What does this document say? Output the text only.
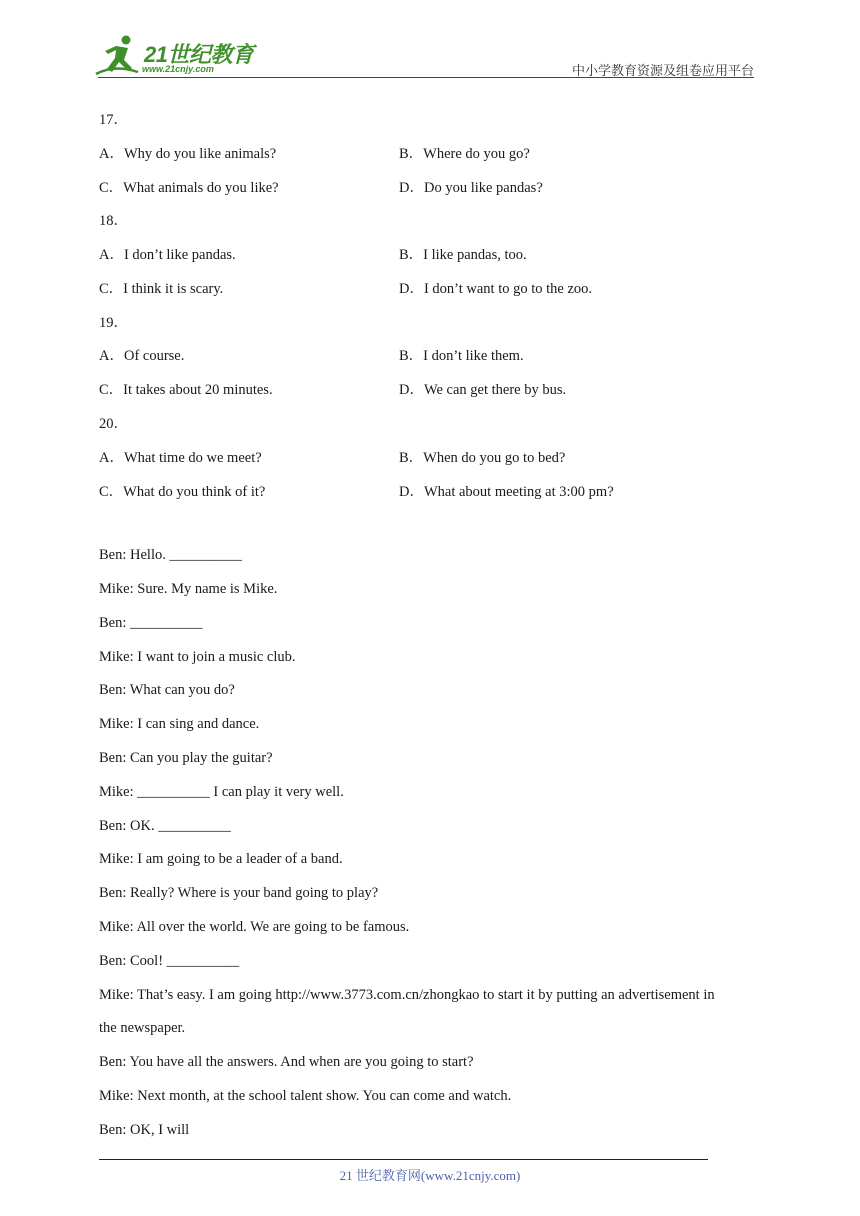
21世纪教育
www.21cnjy.com	中小学教育资源及组卷应用平台
17．
A．Why do you like animals?	B．Where do you go?
C．What animals do you like?	D．Do you like pandas?
18．
A．I don’t like pandas.	B．I like pandas, too.
C．I think it is scary.	D．I don’t want to go to the zoo.
19．
A．Of course.	B．I don’t like them.
C．It takes about 20 minutes.	D．We can get there by bus.
20．
A．What time do we meet?	B．When do you go to bed?
C．What do you think of it?	D．What about meeting at 3:00 pm?
Ben: Hello. __________
Mike: Sure. My name is Mike.
Ben: __________
Mike: I want to join a music club.
Ben: What can you do?
Mike: I can sing and dance.
Ben: Can you play the guitar?
Mike: __________ I can play it very well.
Ben: OK. __________
Mike: I am going to be a leader of a band.
Ben: Really? Where is your band going to play?
Mike: All over the world. We are going to be famous.
Ben: Cool! __________
Mike: That’s easy. I am going http://www.3773.com.cn/zhongkao to start it by putting an advertisement in
the newspaper.
Ben: You have all the answers. And when are you going to start?
Mike: Next month, at the school talent show. You can come and watch.
Ben: OK, I will
21 世纪教育网(www.21cnjy.com)
